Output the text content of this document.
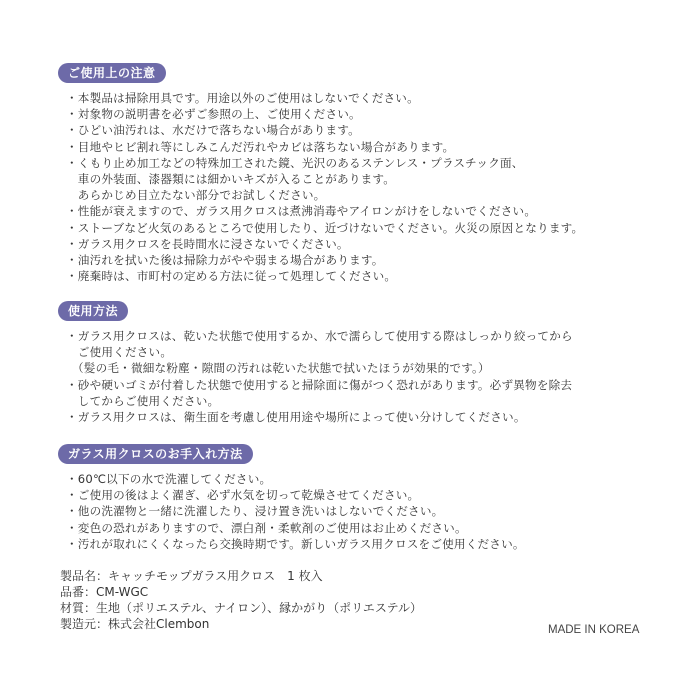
ご使用上の注意
・本製品は掃除用具です。用途以外のご使用はしないでください。
・対象物の説明書を必ずご参照の上、ご使用ください。
・ひどい油汚れは、水だけで落ちない場合があります。
・目地やヒビ割れ等にしみこんだ汚れやカビは落ちない場合があります。
・くもり止め加工などの特殊加工された鏡、光沢のあるステンレス・プラスチック面、
　車の外装面、漆器類には細かいキズが入ることがあります。
　あらかじめ目立たない部分でお試しください。
・性能が衰えますので、ガラス用クロスは煮沸消毒やアイロンがけをしないでください。
・ストーブなど火気のあるところで使用したり、近づけないでください。火災の原因となります。
・ガラス用クロスを長時間水に浸さないでください。
・油汚れを拭いた後は掃除力がやや弱まる場合があります。
・廃棄時は、市町村の定める方法に従って処理してください。
使用方法
・ガラス用クロスは、乾いた状態で使用するか、水で濡らして使用する際はしっかり絞ってから
　ご使用ください。
　（髪の毛・微細な粉塵・隙間の汚れは乾いた状態で拭いたほうが効果的です。）
・砂や硬いゴミが付着した状態で使用すると掃除面に傷がつく恐れがあります。必ず異物を除去
　してからご使用ください。
・ガラス用クロスは、衛生面を考慮し使用用途や場所によって使い分けしてください。
ガラス用クロスのお手入れ方法
・60℃以下の水で洗濯してください。
・ご使用の後はよく濯ぎ、必ず水気を切って乾燥させてください。
・他の洗濯物と一緒に洗濯したり、浸け置き洗いはしないでください。
・変色の恐れがありますので、漂白剤・柔軟剤のご使用はお止めください。
・汚れが取れにくくなったら交換時期です。新しいガラス用クロスをご使用ください。
製品名：キャッチモップガラス用クロス　1 枚入
品番：CM-WGC
材質：生地（ポリエステル、ナイロン）、縁かがり（ポリエステル）
製造元：株式会社Clembon	MADE IN KOREA
